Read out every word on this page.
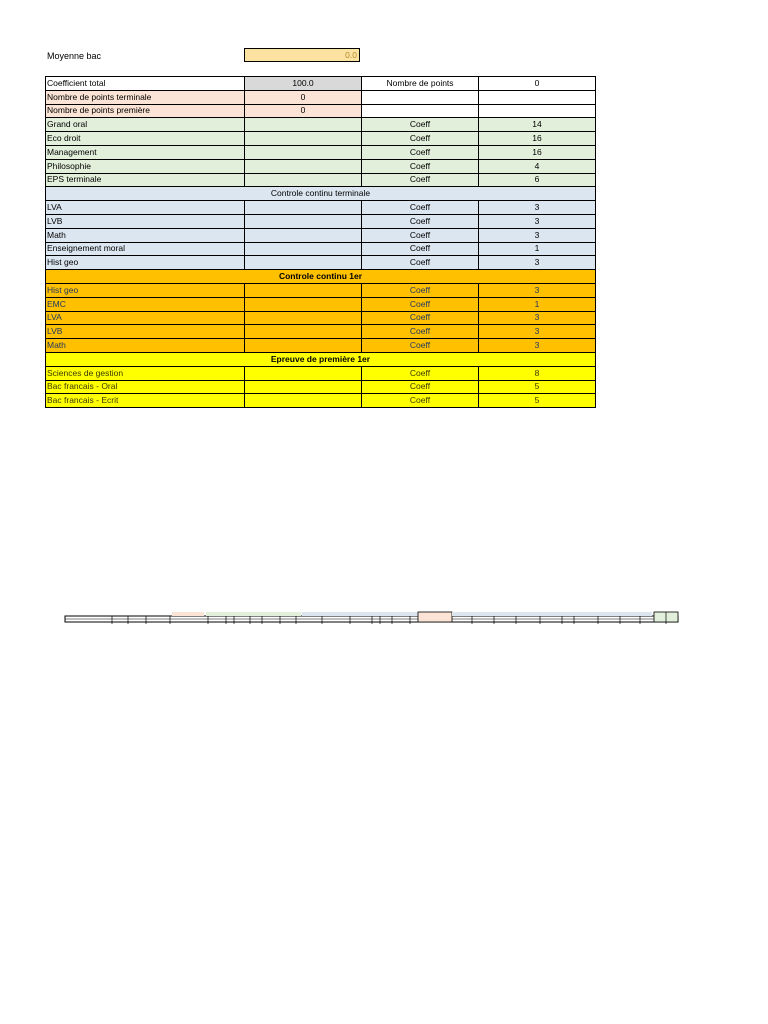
Moyenne bac	0.0
Coefficient total	100.0	Nombre de points	0
Nombre de points terminale	0		
Nombre de points première	0		
Grand oral		Coeff	14
Eco droit		Coeff	16
Management		Coeff	16
Philosophie		Coeff	4
EPS terminale		Coeff	6
Controle continu terminale			
LVA		Coeff	3
LVB		Coeff	3
Math		Coeff	3
Enseignement moral		Coeff	1
Hist geo		Coeff	3
Controle continu 1er			
Hist geo		Coeff	3
EMC		Coeff	1
LVA		Coeff	3
LVB		Coeff	3
Math		Coeff	3
Epreuve de première 1er			
Sciences de gestion		Coeff	8
Bac francais - Oral		Coeff	5
Bac francais - Ecrit		Coeff	5
